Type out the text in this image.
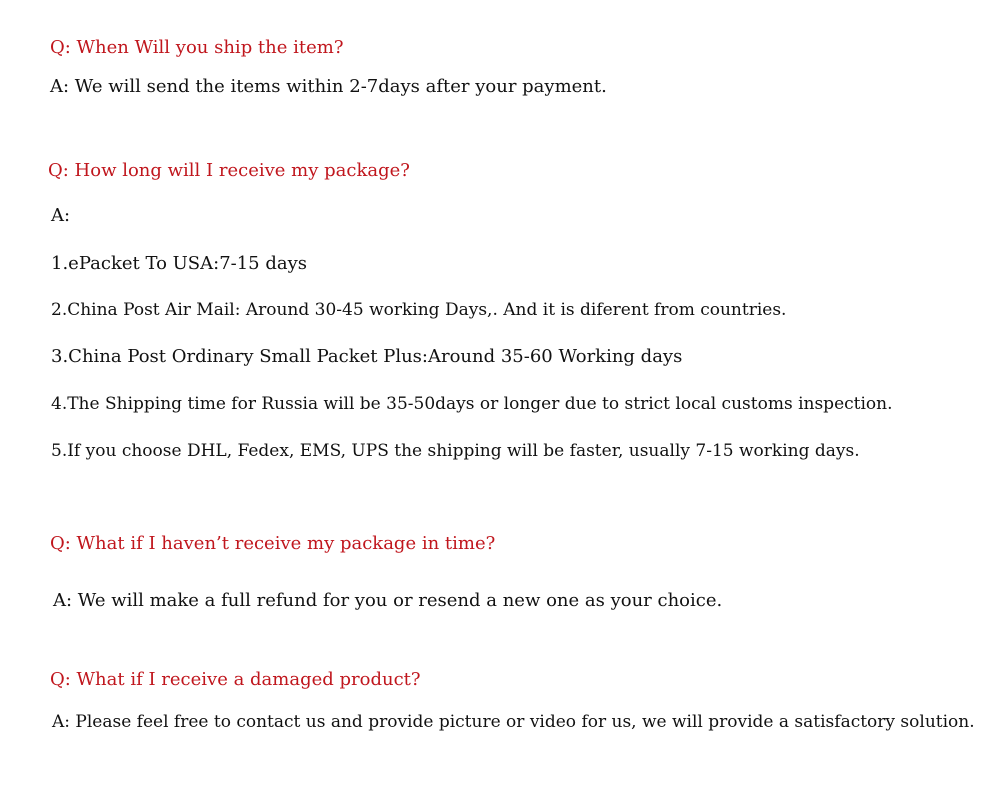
Q: When Will you ship the item?
A: We will send the items within 2-7days after your payment.
Q: How long will I receive my package?
A:
1.ePacket To USA:7-15 days
2.China Post Air Mail: Around 30-45 working Days,. And it is diferent from countries.
3.China Post Ordinary Small Packet Plus:Around 35-60 Working days
4.The Shipping time for Russia will be 35-50days or longer due to strict local customs inspection.
5.If you choose DHL, Fedex, EMS, UPS the shipping will be faster, usually 7-15 working days.
Q: What if I haven’t receive my package in time?
A: We will make a full refund for you or resend a new one as your choice.
Q: What if I receive a damaged product?
A: Please feel free to contact us and provide picture or video for us, we will provide a satisfactory solution.
